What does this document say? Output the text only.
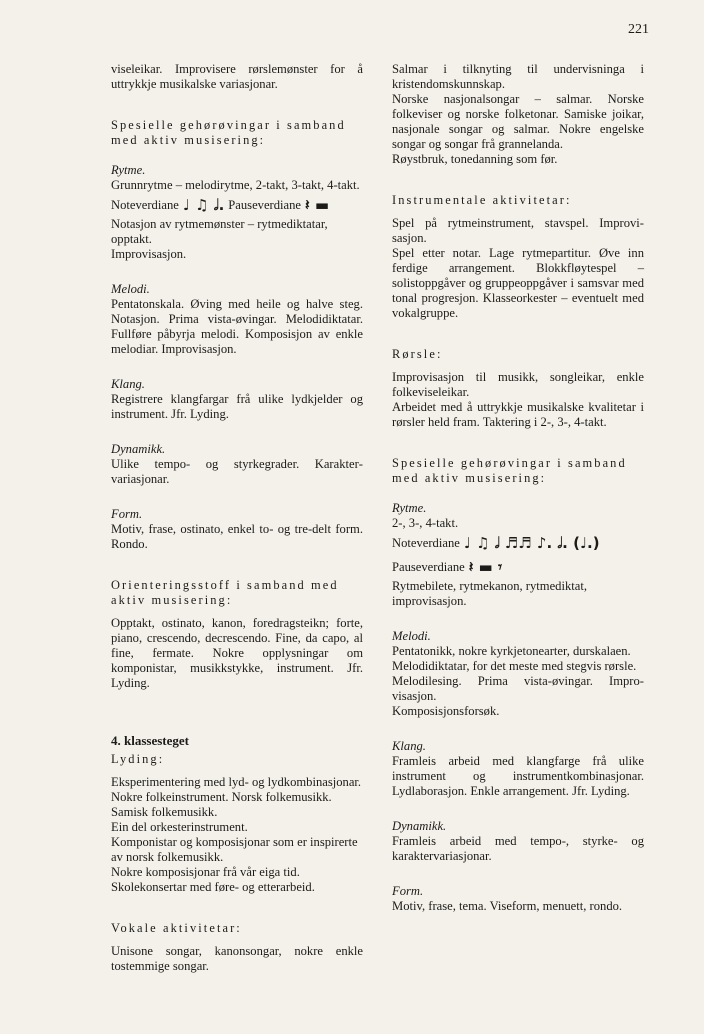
221

viseleikar. Improvisere rørslemønster for å uttrykkje musikalske variasjonar.

Spesielle gehørøvingar i samband med aktiv musisering:

Rytme.

Grunnrytme – melodirytme, 2-takt, 3-takt, 4-takt.

Noteverdiane ♩ ♫ 𝅗𝅥. Pauseverdiane 𝄽 ▬

Notasjon av rytmemønster – rytmediktatar, opptakt.

Improvisasjon.

Melodi.

Pentatonskala. Øving med heile og halve steg. Notasjon. Prima vista-øvingar. Melodidiktatar. Fullføre påbyrja melodi. Komposisjon av enkle melodiar. Improvisasjon.

Klang.

Registrere klangfargar frå ulike lydkjelder og instrument. Jfr. Lyding.

Dynamikk.

Ulike tempo- og styrkegrader. Karaktervariasjonar.

Form.

Motiv, frase, ostinato, enkel to- og tre-delt form. Rondo.

Orienteringsstoff i samband med aktiv musisering:

Opptakt, ostinato, kanon, foredragsteikn; forte, piano, crescendo, decrescendo. Fine, da capo, al fine, fermate. Nokre opplysningar om komponistar, musikkstykke, instrument. Jfr. Lyding.

4. klassesteget

Lyding:

Eksperimentering med lyd- og lydkombinasjonar.

Nokre folkeinstrument. Norsk folkemusikk. Samisk folkemusikk.

Ein del orkesterinstrument.

Komponistar og komposisjonar som er inspirerte av norsk folkemusikk.

Nokre komposisjonar frå vår eiga tid.

Skolekonsertar med føre- og etterarbeid.

Vokale aktivitetar:

Unisone songar, kanonsongar, nokre enkle tostemmige songar.

Salmar i tilknyting til undervisninga i kristendomskunnskap.

Norske nasjonalsongar – salmar. Norske folkeviser og norske folketonar. Samiske joikar, nasjonale songar og salmar. Nokre engelske songar og songar frå grannelanda.

Røystbruk, tonedanning som før.

Instrumentale aktivitetar:

Spel på rytmeinstrument, stavspel. Improvisasjon.

Spel etter notar. Lage rytmepartitur. Øve inn ferdige arrangement. Blokkfløytespel – solistoppgåver og gruppeoppgåver i samsvar med tonal progresjon. Klasseorkester – eventuelt med vokalgruppe.

Rørsle:

Improvisasjon til musikk, songleikar, enkle folkeviseleikar.

Arbeidet med å uttrykkje musikalske kvalitetar i rørsler held fram. Taktering i 2-, 3-, 4-takt.

Spesielle gehørøvingar i samband med aktiv musisering:

Rytme.

2-, 3-, 4-takt.

Noteverdiane ♩ ♫ 𝅗𝅥 ♬♬ ♪. 𝅗𝅥. (♩.)
Pauseverdiane 𝄽 ▬ 𝄾

Rytmebilete, rytmekanon, rytmediktat, improvisasjon.

Melodi.

Pentatonikk, nokre kyrkjetonearter, durskalaen.

Melodidiktatar, for det meste med stegvis rørsle.

Melodilesing. Prima vista-øvingar. Improvisasjon.

Komposisjonsforsøk.

Klang.

Framleis arbeid med klangfarge frå ulike instrument og instrumentkombinasjonar. Lydlaborasjon. Enkle arrangement. Jfr. Lyding.

Dynamikk.

Framleis arbeid med tempo-, styrke- og karaktervariasjonar.

Form.

Motiv, frase, tema. Viseform, menuett, rondo.
